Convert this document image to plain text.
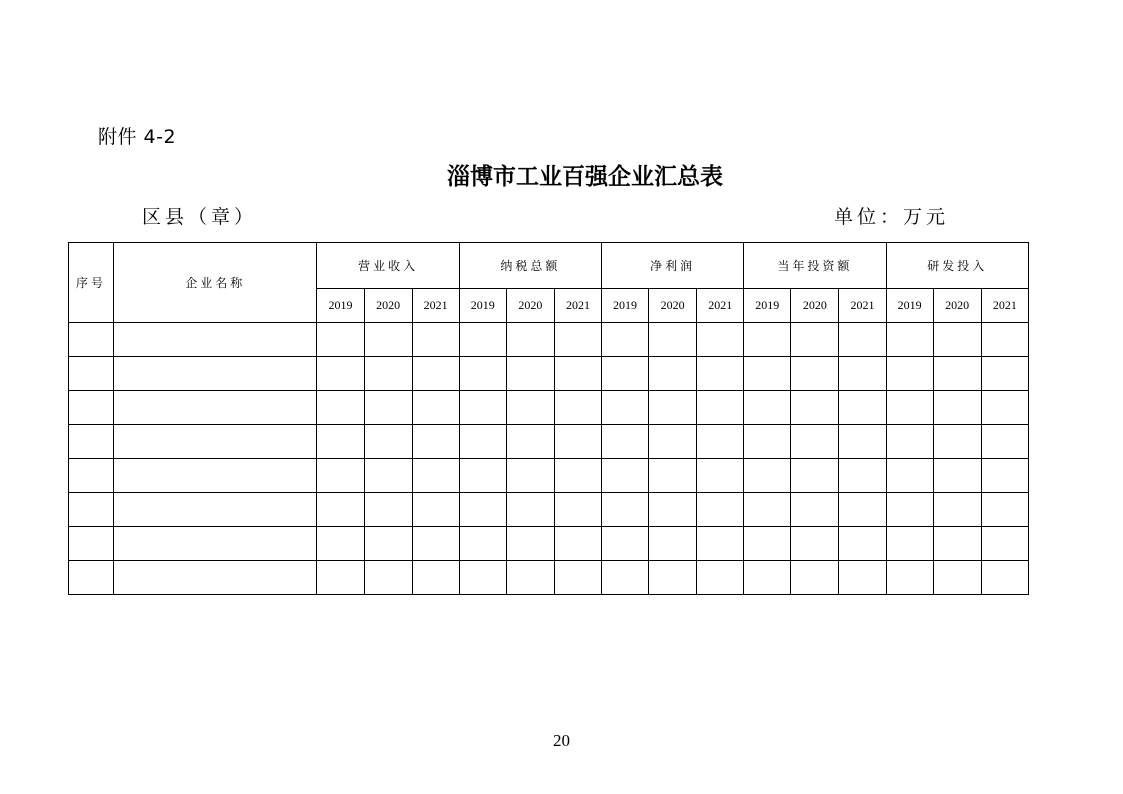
附件 4-2
淄博市工业百强企业汇总表
区县（章）	单位：万元
序号	企业名称	营业收入			纳税总额			净利润			当年投资额			研发投入		
		2019	2020	2021	2019	2020	2021	2019	2020	2021	2019	2020	2021	2019	2020	2021

20
